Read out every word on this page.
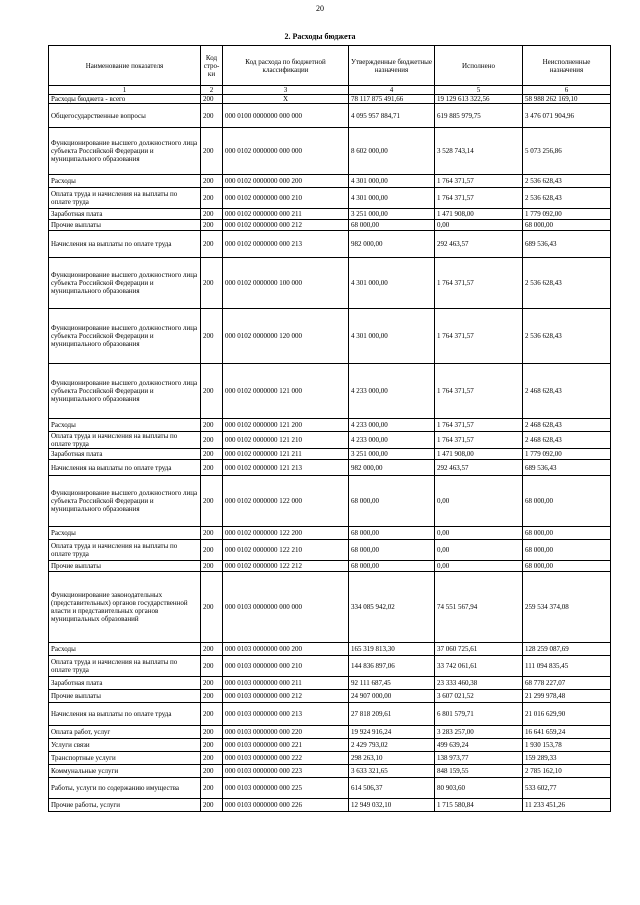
20
2. Расходы бюджета
Наименование показателя	Код стро-ки	Код расхода по бюджетной классификации	Утвержденные бюджетные назначения	Исполнено	Неисполненные назначения
1	2	3	4	5	6
Расходы бюджета - всего	200	X	78 117 875 491,66	19 129 613 322,56	58 988 262 169,10
Общегосударственные вопросы	200	000 0100 0000000 000 000	4 095 957 884,71	619 885 979,75	3 476 071 904,96
Функционирование высшего должностного лица субъекта Российской Федерации и муниципального образования	200	000 0102 0000000 000 000	8 602 000,00	3 528 743,14	5 073 256,86
Расходы	200	000 0102 0000000 000 200	4 301 000,00	1 764 371,57	2 536 628,43
Оплата труда и начисления на выплаты по оплате труда	200	000 0102 0000000 000 210	4 301 000,00	1 764 371,57	2 536 628,43
Заработная плата	200	000 0102 0000000 000 211	3 251 000,00	1 471 908,00	1 779 092,00
Прочие выплаты	200	000 0102 0000000 000 212	68 000,00	0,00	68 000,00
Начисления на выплаты по оплате труда	200	000 0102 0000000 000 213	982 000,00	292 463,57	689 536,43
Функционирование высшего должностного лица субъекта Российской Федерации и муниципального образования	200	000 0102 0000000 100 000	4 301 000,00	1 764 371,57	2 536 628,43
Функционирование высшего должностного лица субъекта Российской Федерации и муниципального образования	200	000 0102 0000000 120 000	4 301 000,00	1 764 371,57	2 536 628,43
Функционирование высшего должностного лица субъекта Российской Федерации и муниципального образования	200	000 0102 0000000 121 000	4 233 000,00	1 764 371,57	2 468 628,43
Расходы	200	000 0102 0000000 121 200	4 233 000,00	1 764 371,57	2 468 628,43
Оплата труда и начисления на выплаты по оплате труда	200	000 0102 0000000 121 210	4 233 000,00	1 764 371,57	2 468 628,43
Заработная плата	200	000 0102 0000000 121 211	3 251 000,00	1 471 908,00	1 779 092,00
Начисления на выплаты по оплате труда	200	000 0102 0000000 121 213	982 000,00	292 463,57	689 536,43
Функционирование высшего должностного лица субъекта Российской Федерации и муниципального образования	200	000 0102 0000000 122 000	68 000,00	0,00	68 000,00
Расходы	200	000 0102 0000000 122 200	68 000,00	0,00	68 000,00
Оплата труда и начисления на выплаты по оплате труда	200	000 0102 0000000 122 210	68 000,00	0,00	68 000,00
Прочие выплаты	200	000 0102 0000000 122 212	68 000,00	0,00	68 000,00
Функционирование законодательных (представительных) органов государственной власти и представительных органов муниципальных образований	200	000 0103 0000000 000 000	334 085 942,02	74 551 567,94	259 534 374,08
Расходы	200	000 0103 0000000 000 200	165 319 813,30	37 060 725,61	128 259 087,69
Оплата труда и начисления на выплаты по оплате труда	200	000 0103 0000000 000 210	144 836 897,06	33 742 061,61	111 094 835,45
Заработная плата	200	000 0103 0000000 000 211	92 111 687,45	23 333 460,38	68 778 227,07
Прочие выплаты	200	000 0103 0000000 000 212	24 907 000,00	3 607 021,52	21 299 978,48
Начисления на выплаты по оплате труда	200	000 0103 0000000 000 213	27 818 209,61	6 801 579,71	21 016 629,90
Оплата работ, услуг	200	000 0103 0000000 000 220	19 924 916,24	3 283 257,00	16 641 659,24
Услуги связи	200	000 0103 0000000 000 221	2 429 793,02	499 639,24	1 930 153,78
Транспортные услуги	200	000 0103 0000000 000 222	298 263,10	138 973,77	159 289,33
Коммунальные услуги	200	000 0103 0000000 000 223	3 633 321,65	848 159,55	2 785 162,10
Работы, услуги по содержанию имущества	200	000 0103 0000000 000 225	614 506,37	80 903,60	533 602,77
Прочие работы, услуги	200	000 0103 0000000 000 226	12 949 032,10	1 715 580,84	11 233 451,26
